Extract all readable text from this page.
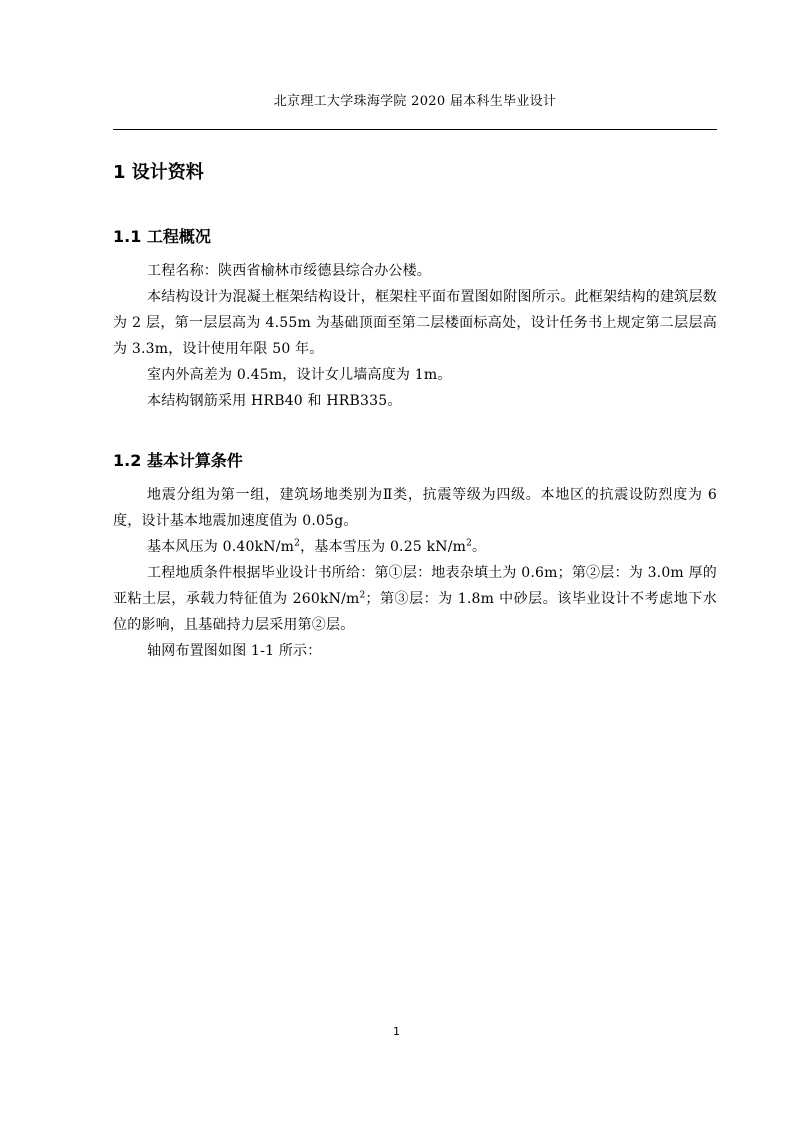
北京理工大学珠海学院 2020 届本科生毕业设计
1 设计资料
1.1 工程概况

工程名称：陕西省榆林市绥德县综合办公楼。

本结构设计为混凝土框架结构设计，框架柱平面布置图如附图所示。此框架结构的建筑层数为 2 层，第一层层高为 4.55m 为基础顶面至第二层楼面标高处，设计任务书上规定第二层层高为 3.3m，设计使用年限 50 年。

室内外高差为 0.45m，设计女儿墙高度为 1m。

本结构钢筋采用 HRB40 和 HRB335。

1.2 基本计算条件

地震分组为第一组，建筑场地类别为Ⅱ类，抗震等级为四级。本地区的抗震设防烈度为 6 度，设计基本地震加速度值为 0.05g。

基本风压为 $0.40kN/m^2$，基本雪压为 0.25 $kN/m^2$。

工程地质条件根据毕业设计书所给：第①层：地表杂填土为 0.6m；第②层：为 3.0m 厚的亚粘土层，承载力特征值为 $260kN/m^2$；第③层：为 1.8m 中砂层。该毕业设计不考虑地下水位的影响，且基础持力层采用第②层。

轴网布置图如图 1-1 所示：

1
